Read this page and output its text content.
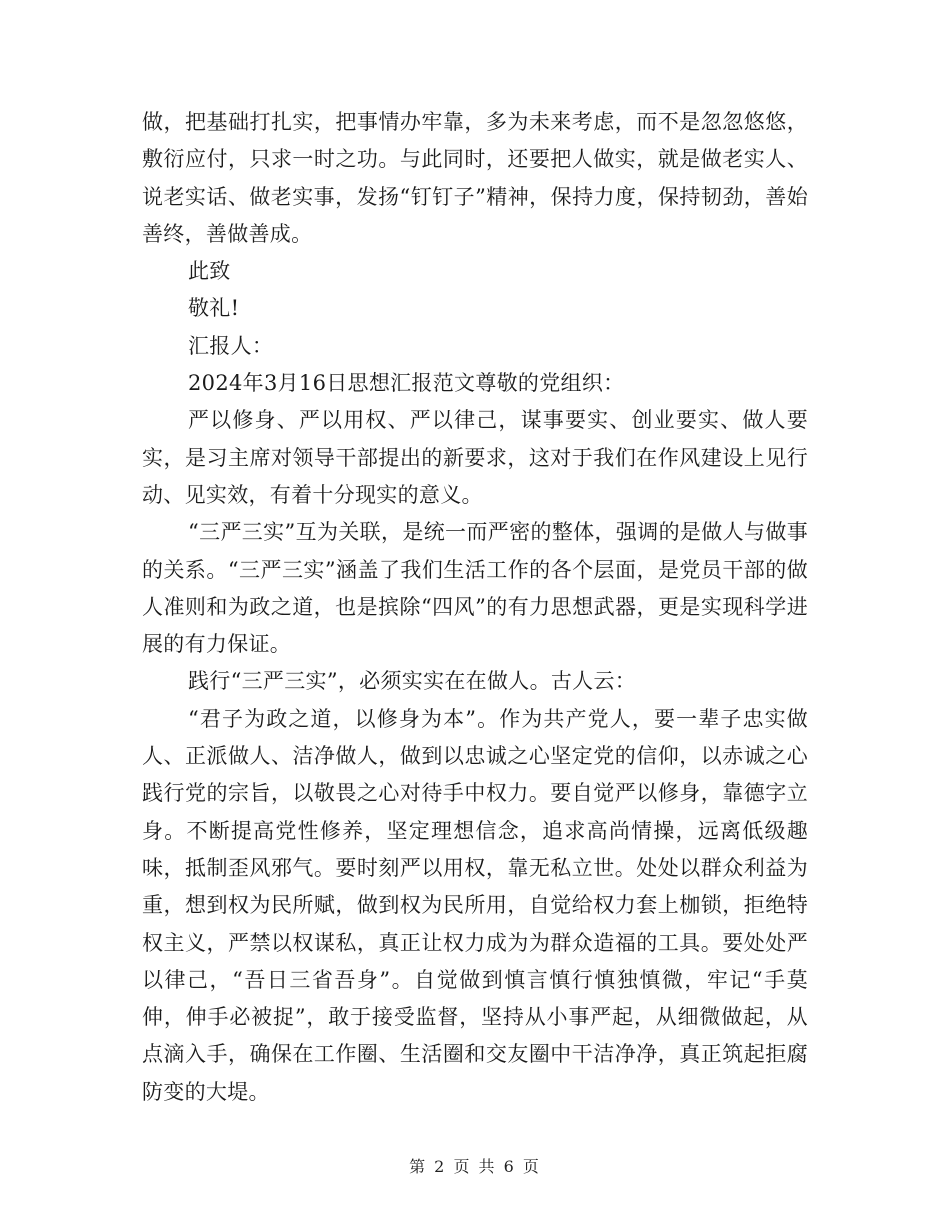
做，把基础打扎实，把事情办牢靠，多为未来考虑，而不是忽忽悠悠，敷衍应付，只求一时之功。与此同时，还要把人做实，就是做老实人、说老实话、做老实事，发扬“钉钉子”精神，保持力度，保持韧劲，善始善终，善做善成。

此致

敬礼!

汇报人：

2024年3月16日思想汇报范文尊敬的党组织：

严以修身、严以用权、严以律己，谋事要实、创业要实、做人要实，是习主席对领导干部提出的新要求，这对于我们在作风建设上见行动、见实效，有着十分现实的意义。

“三严三实”互为关联，是统一而严密的整体，强调的是做人与做事的关系。“三严三实”涵盖了我们生活工作的各个层面，是党员干部的做人准则和为政之道，也是摈除“四风”的有力思想武器，更是实现科学进展的有力保证。

践行“三严三实”，必须实实在在做人。古人云：

“君子为政之道，以修身为本”。作为共产党人，要一辈子忠实做人、正派做人、洁净做人，做到以忠诚之心坚定党的信仰，以赤诚之心践行党的宗旨，以敬畏之心对待手中权力。要自觉严以修身，靠德字立身。不断提高党性修养，坚定理想信念，追求高尚情操，远离低级趣味，抵制歪风邪气。要时刻严以用权，靠无私立世。处处以群众利益为重，想到权为民所赋，做到权为民所用，自觉给权力套上枷锁，拒绝特权主义，严禁以权谋私，真正让权力成为为群众造福的工具。要处处严以律己，“吾日三省吾身”。自觉做到慎言慎行慎独慎微，牢记“手莫伸，伸手必被捉”，敢于接受监督，坚持从小事严起，从细微做起，从点滴入手，确保在工作圈、生活圈和交友圈中干洁净净，真正筑起拒腐防变的大堤。

第 2 页 共 6 页
